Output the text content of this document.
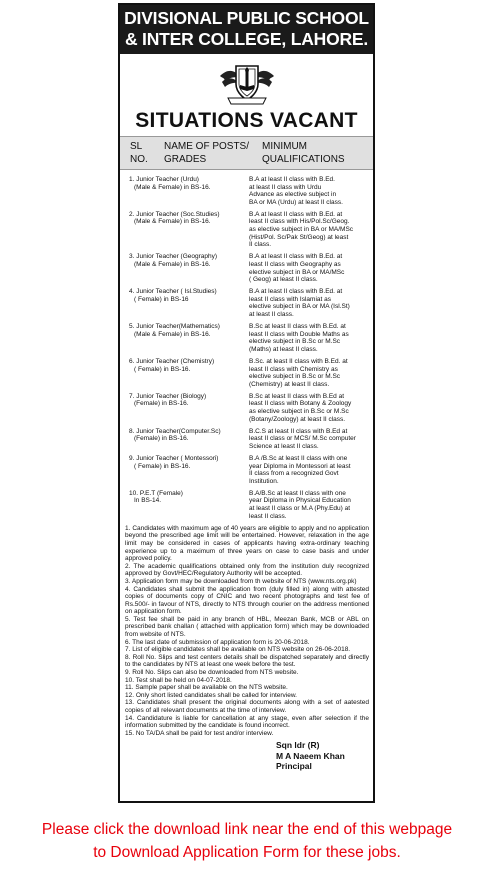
DIVISIONAL PUBLIC SCHOOL
& INTER COLLEGE, LAHORE.
SITUATIONS VACANT
SL
NO.
NAME OF POSTS/
GRADES
MINIMUM
QUALIFICATIONS
1. Junior Teacher (Urdu)
(Male & Female) in BS-16.
B.A at least II class with B.Ed.
at least II class with Urdu
Advance as elective subject in
BA or MA (Urdu) at least II class.
2. Junior Teacher (Soc.Studies)
(Male & Female) in BS-16.
B.A at least II class with B.Ed. at
least II class with His/Pol.Sc/Geog.
as elective subject in BA or MA/MSc
(Hist/Pol. Sc/Pak St/Geog) at least
II class.
3. Junior Teacher (Geography)
(Male & Female) in BS-16.
B.A at least II class with B.Ed. at
least II class with Geography as
elective subject in BA or MA/MSc
( Geog) at least II class.
4. Junior Teacher ( Isl.Studies)
( Female) in BS-16
B.A at least II class with B.Ed. at
least II class with Islamiat as
elective subject in BA or MA (Isl.St)
at least II class.
5. Junior Teacher(Mathematics)
(Male & Female) in BS-16.
B.Sc at least II class with B.Ed. at
least II class with Double Maths as
elective subject in B.Sc or M.Sc
(Maths) at least II class.
6. Junior Teacher (Chemistry)
( Female) in BS-16.
B.Sc. at least II class with B.Ed. at
least II class with Chemistry as
elective subject in B.Sc or M.Sc
(Chemistry) at least II class.
7. Junior Teacher (Biology)
(Female) in BS-16.
B.Sc at least II class with B.Ed at
least II class with Botany & Zoology
as elective subject in B.Sc or M.Sc
(Botany/Zoology) at least II class.
8. Junior Teacher(Computer.Sc)
(Female) in BS-16.
B.C.S at least II class with B.Ed at
least II class or MCS/ M.Sc computer
Science at least II class.
9. Junior Teacher ( Montessori)
( Female) in BS-16.
B.A /B.Sc at least II class with one
year Diploma in Montessori at least
II class from a recognized Govt
Institution.
10. P.E.T (Female)
In BS-14.
B.A/B.Sc at least II class with one
year Diploma in Physical Education
at least II class or M.A (Phy.Edu) at
least II class.

1. Candidates with maximum age of 40 years are eligible to apply and no application beyond the prescribed age limit will be entertained. However, relaxation in the age limit may be considered in cases of applicants having extra-ordinary teaching experience up to a maximum of three years on case to case basis and under approved policy.

2. The academic qualifications obtained only from the institution duly recognized approved by Govt/HEC/Regulatory Authority will be accepted.

3. Application form may be downloaded from th website of NTS (www.nts.org.pk)

4. Candidates shall submit the application from (duly filled in) along with attested copies of documents copy of CNIC and two recent photographs and test fee of Rs.500/- in favour of NTS, directly to NTS through courier on the address mentioned on application form.

5. Test fee shall be paid in any branch of HBL, Meezan Bank, MCB or ABL on prescribed bank challan ( attached with application form) which may be downloaded from website of NTS.

6. The last date of submission of application form is 20-06-2018.

7. List of eligible candidates shall be available on NTS website on 26-06-2018.

8. Roll No. Slips and test centers details shall be dispatched separately and directly to the candidates by NTS at least one week before the test.

9. Roll No. Slips can also be downloaded from NTS website.

10. Test shall be held on 04-07-2018.

11. Sample paper shall be available on the NTS website.

12. Only short listed candidates shall be called for interview.

13. Candidates shall present the original documents along with a set of aatested copies of all relevant documents at the time of interview.

14. Candidature is liable for cancellation at any stage, even after selection if the information submitted by the candidate is found incorrect.

15. No TA/DA shall be paid for test and/or interview.

Sqn ldr (R)
M A Naeem Khan
Principal
Please click the download link near the end of this webpage
to Download Application Form for these jobs.
